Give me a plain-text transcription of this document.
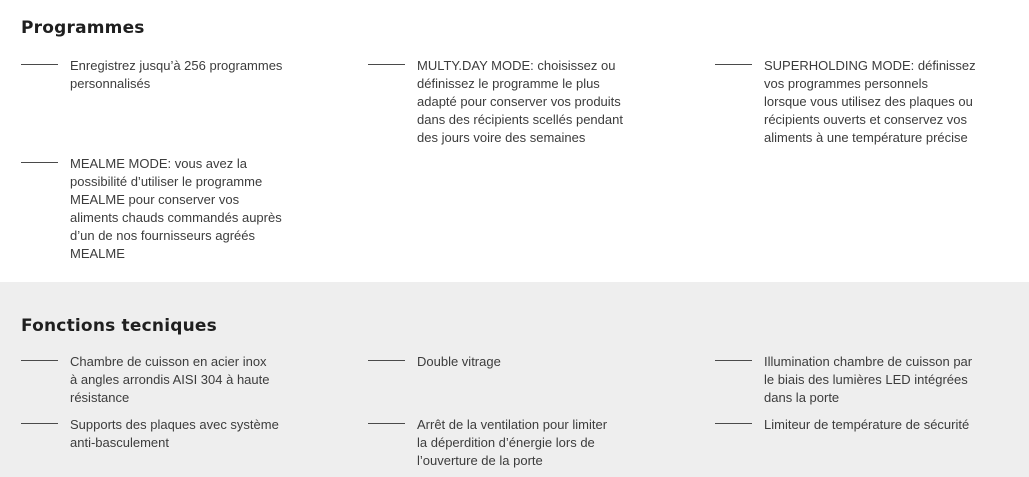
Programmes

Enregistrez jusqu’à 256 programmes
personnalisés

MULTY.DAY MODE: choisissez ou
définissez le programme le plus
adapté pour conserver vos produits
dans des récipients scellés pendant
des jours voire des semaines

SUPERHOLDING MODE: définissez
vos programmes personnels
lorsque vous utilisez des plaques ou
récipients ouverts et conservez vos
aliments à une température précise

MEALME MODE: vous avez la
possibilité d’utiliser le programme
MEALME pour conserver vos
aliments chauds commandés auprès
d’un de nos fournisseurs agréés
MEALME

Fonctions tecniques

Chambre de cuisson en acier inox
à angles arrondis AISI 304 à haute
résistance

Double vitrage	Illumination chambre de cuisson par
le biais des lumières LED intégrées
dans la porte

Supports des plaques avec système
anti-basculement

Arrêt de la ventilation pour limiter
la déperdition d’énergie lors de
l’ouverture de la porte

Limiteur de température de sécurité
